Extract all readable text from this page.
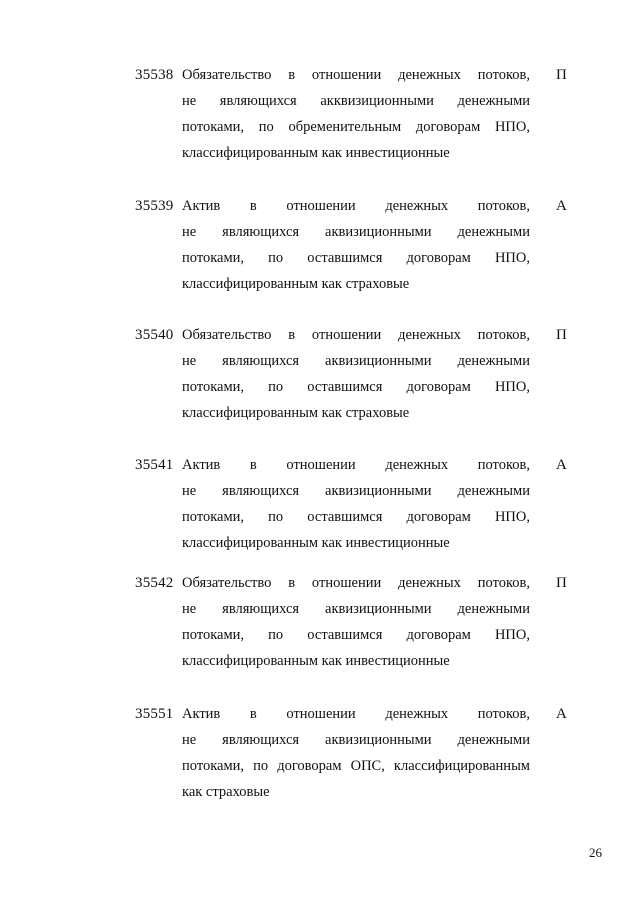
35538 Обязательство в отношении денежных потоков,
не являющихся акквизиционными денежными
потоками, по обременительным договорам НПО,
классифицированным как инвестиционные
П
35539 Актив в отношении денежных потоков,
не являющихся аквизиционными денежными
потоками, по оставшимся договорам НПО,
классифицированным как страховые
А
35540 Обязательство в отношении денежных потоков,
не являющихся аквизиционными денежными
потоками, по оставшимся договорам НПО,
классифицированным как страховые
П
35541 Актив в отношении денежных потоков,
не являющихся аквизиционными денежными
потоками, по оставшимся договорам НПО,
классифицированным как инвестиционные
А
35542 Обязательство в отношении денежных потоков,
не являющихся аквизиционными денежными
потоками, по оставшимся договорам НПО,
классифицированным как инвестиционные
П
35551 Актив в отношении денежных потоков,
не являющихся аквизиционными денежными
потоками, по договорам ОПС, классифицированным
как страховые
А
26
